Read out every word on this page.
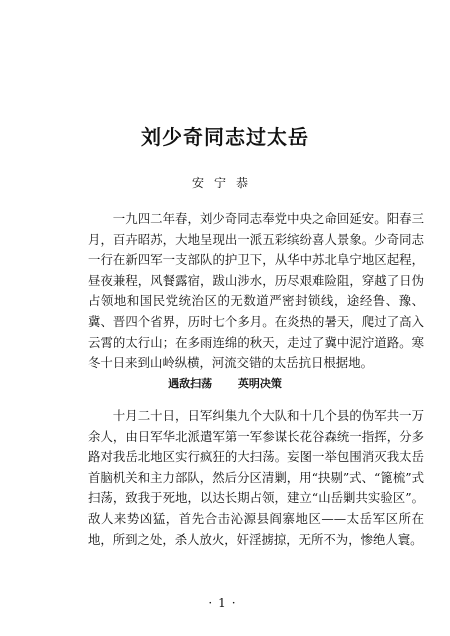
刘少奇同志过太岳
安宁恭

一九四二年春，刘少奇同志奉党中央之命回延安。阳春三月，百卉昭苏，大地呈现出一派五彩缤纷喜人景象。少奇同志一行在新四军一支部队的护卫下，从华中苏北阜宁地区起程，昼夜兼程，风餐露宿，跋山涉水，历尽艰难险阻，穿越了日伪占领地和国民党统治区的无数道严密封锁线，途经鲁、豫、冀、晋四个省界，历时七个多月。在炎热的暑天，爬过了高入云霄的太行山；在多雨连绵的秋天，走过了冀中泥泞道路。寒冬十日来到山岭纵横，河流交错的太岳抗日根据地。

遇敌扫荡 英明决策

十月二十日，日军纠集九个大队和十几个县的伪军共一万余人，由日军华北派遣军第一军参谋长花谷森统一指挥，分多路对我岳北地区实行疯狂的大扫荡。妄图一举包围消灭我太岳首脑机关和主力部队，然后分区清剿，用“抉剔”式、“篦梳”式扫荡，致我于死地，以达长期占领，建立“山岳剿共实验区”。敌人来势凶猛，首先合击沁源县阎寨地区——太岳军区所在地，所到之处，杀人放火，奸淫掳掠，无所不为，惨绝人寰。

·1·
